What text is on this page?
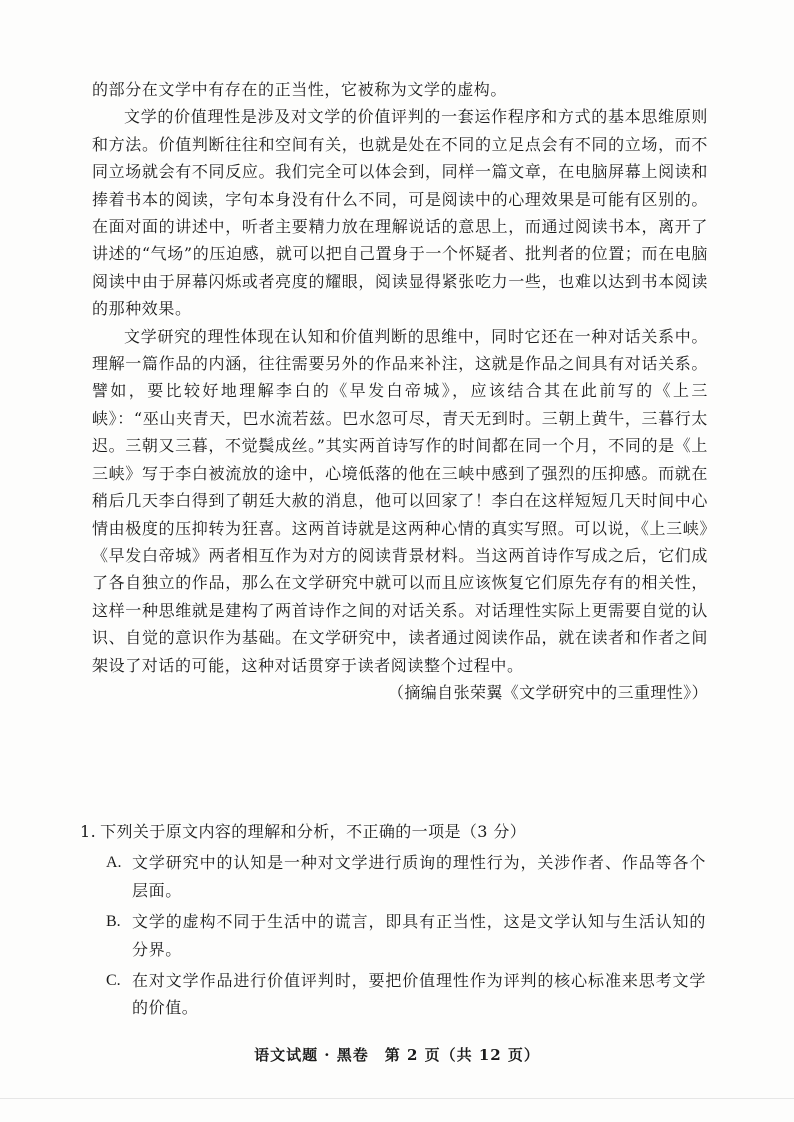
的部分在文学中有存在的正当性，它被称为文学的虚构。

文学的价值理性是涉及对文学的价值评判的一套运作程序和方式的基本思维原则和方法。价值判断往往和空间有关，也就是处在不同的立足点会有不同的立场，而不同立场就会有不同反应。我们完全可以体会到，同样一篇文章，在电脑屏幕上阅读和捧着书本的阅读，字句本身没有什么不同，可是阅读中的心理效果是可能有区别的。在面对面的讲述中，听者主要精力放在理解说话的意思上，而通过阅读书本，离开了讲述的“气场”的压迫感，就可以把自己置身于一个怀疑者、批判者的位置；而在电脑阅读中由于屏幕闪烁或者亮度的耀眼，阅读显得紧张吃力一些，也难以达到书本阅读的那种效果。

文学研究的理性体现在认知和价值判断的思维中，同时它还在一种对话关系中。理解一篇作品的内涵，往往需要另外的作品来补注，这就是作品之间具有对话关系。譬如，要比较好地理解李白的《早发白帝城》，应该结合其在此前写的《上三峡》：“巫山夹青天，巴水流若兹。巴水忽可尽，青天无到时。三朝上黄牛，三暮行太迟。三朝又三暮，不觉鬓成丝。”其实两首诗写作的时间都在同一个月，不同的是《上三峡》写于李白被流放的途中，心境低落的他在三峡中感到了强烈的压抑感。而就在稍后几天李白得到了朝廷大赦的消息，他可以回家了！李白在这样短短几天时间中心情由极度的压抑转为狂喜。这两首诗就是这两种心情的真实写照。可以说，《上三峡》《早发白帝城》两者相互作为对方的阅读背景材料。当这两首诗作写成之后，它们成了各自独立的作品，那么在文学研究中就可以而且应该恢复它们原先存有的相关性，这样一种思维就是建构了两首诗作之间的对话关系。对话理性实际上更需要自觉的认识、自觉的意识作为基础。在文学研究中，读者通过阅读作品，就在读者和作者之间架设了对话的可能，这种对话贯穿于读者阅读整个过程中。

（摘编自张荣翼《文学研究中的三重理性》）

1. 下列关于原文内容的理解和分析，不正确的一项是（3 分）

A. 文学研究中的认知是一种对文学进行质询的理性行为，关涉作者、作品等各个层面。
B. 文学的虚构不同于生活中的谎言，即具有正当性，这是文学认知与生活认知的分界。
C. 在对文学作品进行价值评判时，要把价值理性作为评判的核心标准来思考文学的价值。
语文试题 · 黑卷　第 2 页（共 12 页）
